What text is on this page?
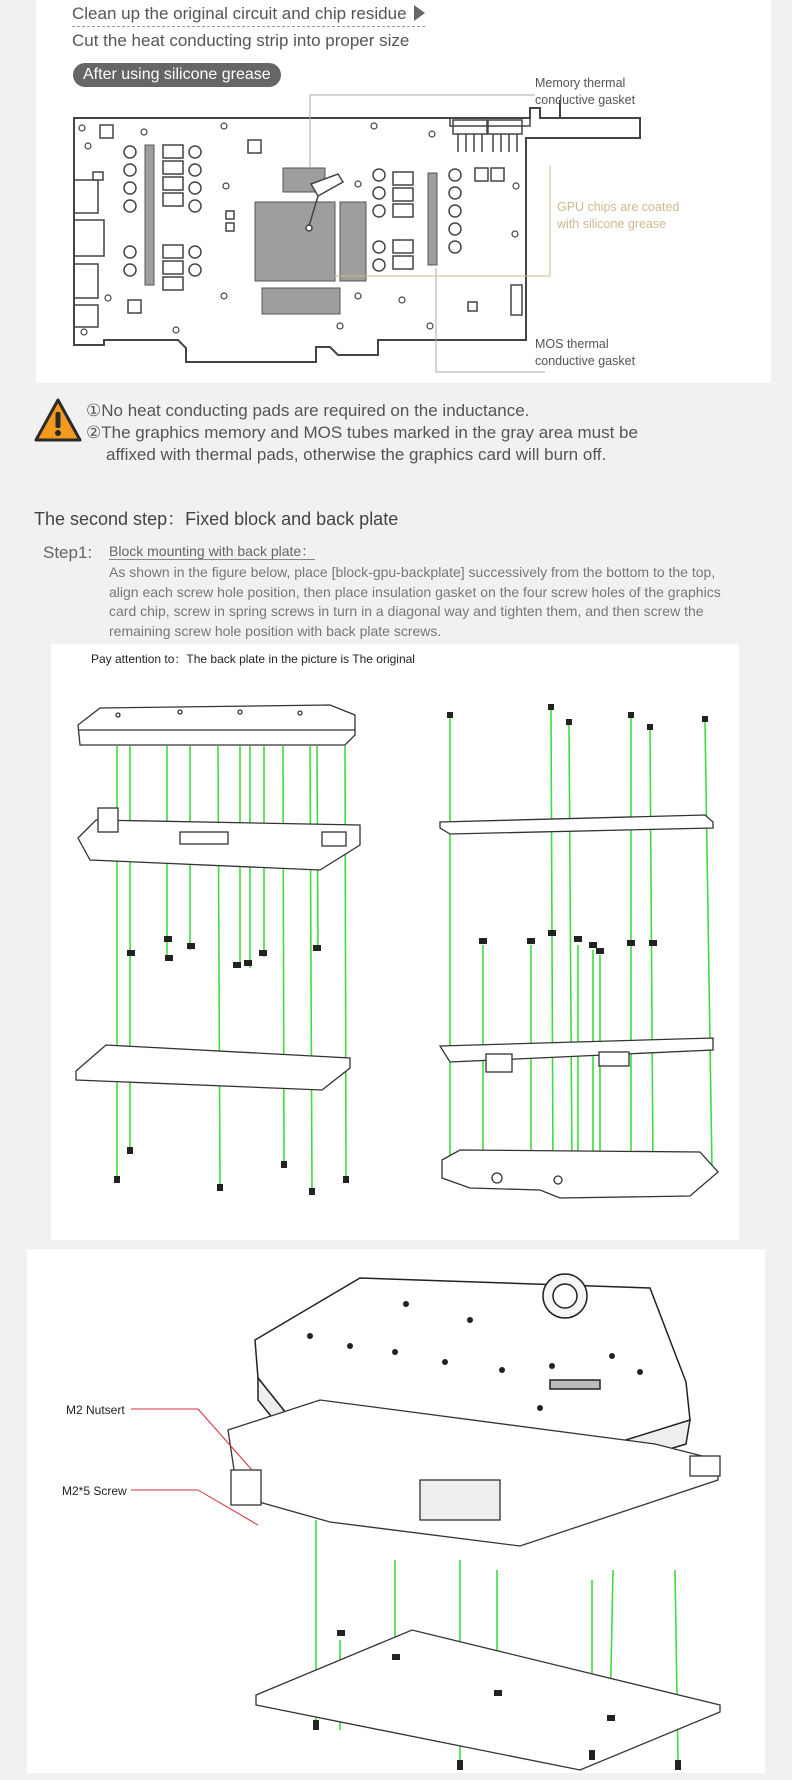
Clean up the original circuit and chip residue
Cut the heat conducting strip into proper size
After using silicone grease	Memory thermal
conductive gasket
GPU chips are coated
with silicone grease
MOS thermal
conductive gasket
①No heat conducting pads are required on the inductance.
②The graphics memory and MOS tubes marked in the gray area must be
affixed with thermal pads, otherwise the graphics card will burn off.
The second step：Fixed block and back plate
Step1: Block mounting with back plate：
As shown in the figure below, place [block-gpu-backplate] successively from the bottom to the top, align each screw hole position, then place insulation gasket on the four screw holes of the graphics card chip, screw in spring screws in turn in a diagonal way and tighten them, and then screw the remaining screw hole position with back plate screws.
Pay attention to：The back plate in the picture is The original
M2 Nutsert
M2*5 Screw
